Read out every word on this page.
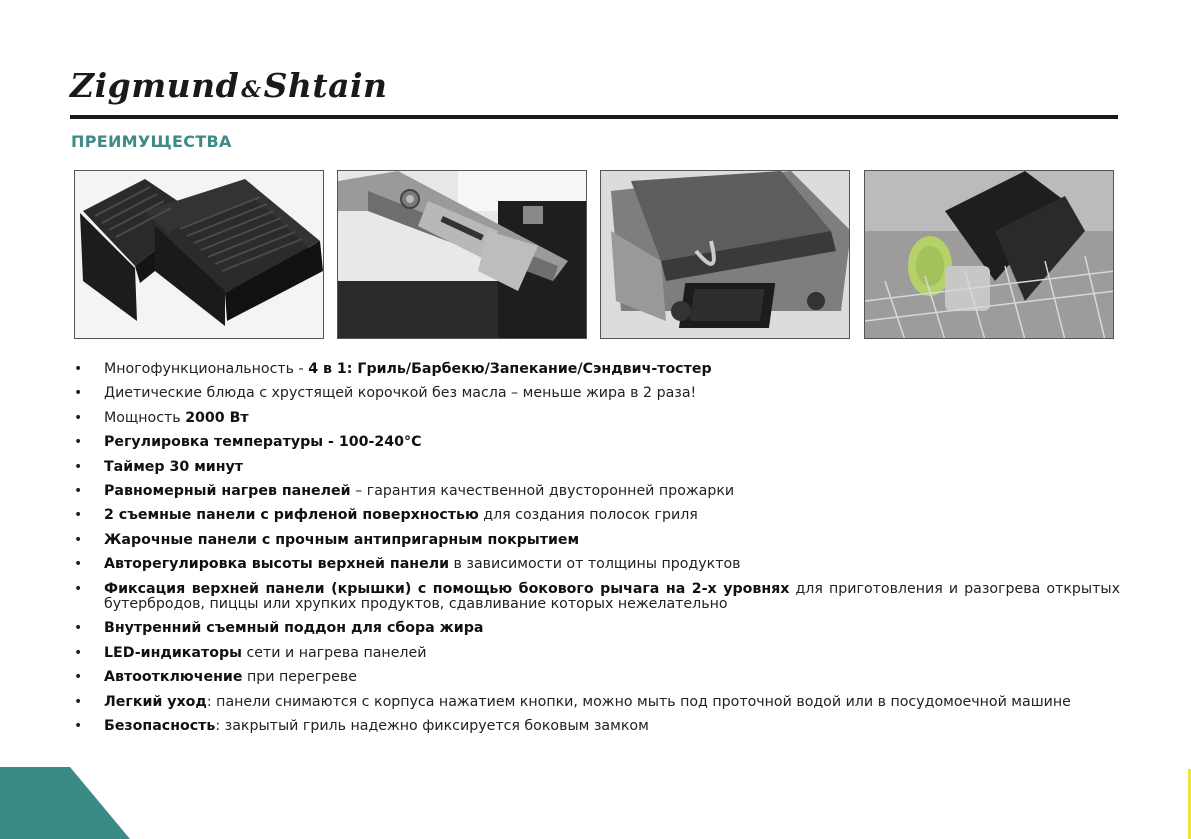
Zigmund&Shtain
ПРЕИМУЩЕСТВА
• Многофункциональность - 4 в 1: Гриль/Барбекю/Запекание/Сэндвич-тостер
• Диетические блюда с хрустящей корочкой без масла – меньше жира в 2 раза!
• Мощность 2000 Вт
• Регулировка температуры - 100-240°С
• Таймер 30 минут
• Равномерный нагрев панелей – гарантия качественной двусторонней прожарки
• 2 съемные панели с рифленой поверхностью для создания полосок гриля
• Жарочные панели с прочным антипригарным покрытием
• Авторегулировка высоты верхней панели в зависимости от толщины продуктов
• Фиксация верхней панели (крышки) с помощью бокового рычага на 2-х уровнях для приготовления и разогрева открытых бутербродов, пиццы или хрупких продуктов, сдавливание которых нежелательно
• Внутренний съемный поддон для сбора жира
• LED-индикаторы сети и нагрева панелей
• Автоотключение при перегреве
• Легкий уход: панели снимаются с корпуса нажатием кнопки, можно мыть под проточной водой или в посудомоечной машине
• Безопасность: закрытый гриль надежно фиксируется боковым замком
